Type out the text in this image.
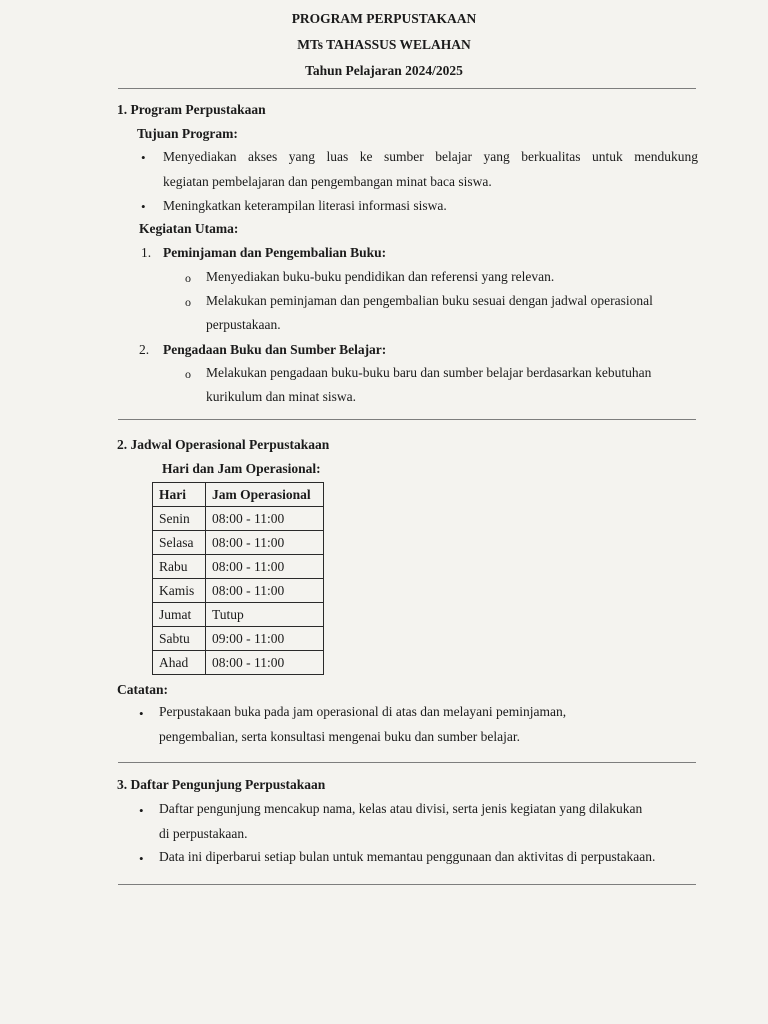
PROGRAM PERPUSTAKAAN
MTs TAHASSUS WELAHAN
Tahun Pelajaran 2024/2025
1. Program Perpustakaan
Tujuan Program:
• Menyediakan akses yang luas ke sumber belajar yang berkualitas untuk mendukung
kegiatan pembelajaran dan pengembangan minat baca siswa.
• Meningkatkan keterampilan literasi informasi siswa.
Kegiatan Utama:
1. Peminjaman dan Pengembalian Buku:
o Menyediakan buku-buku pendidikan dan referensi yang relevan.
o Melakukan peminjaman dan pengembalian buku sesuai dengan jadwal operasional
perpustakaan.
2. Pengadaan Buku dan Sumber Belajar:
o Melakukan pengadaan buku-buku baru dan sumber belajar berdasarkan kebutuhan
kurikulum dan minat siswa.
2. Jadwal Operasional Perpustakaan
Hari dan Jam Operasional:
Hari	Jam Operasional
Senin	08:00 - 11:00
Selasa	08:00 - 11:00
Rabu	08:00 - 11:00
Kamis	08:00 - 11:00
Jumat	Tutup
Sabtu	09:00 - 11:00
Ahad	08:00 - 11:00
Catatan:
• Perpustakaan buka pada jam operasional di atas dan melayani peminjaman,
pengembalian, serta konsultasi mengenai buku dan sumber belajar.
3. Daftar Pengunjung Perpustakaan
• Daftar pengunjung mencakup nama, kelas atau divisi, serta jenis kegiatan yang dilakukan
di perpustakaan.
• Data ini diperbarui setiap bulan untuk memantau penggunaan dan aktivitas di perpustakaan.
